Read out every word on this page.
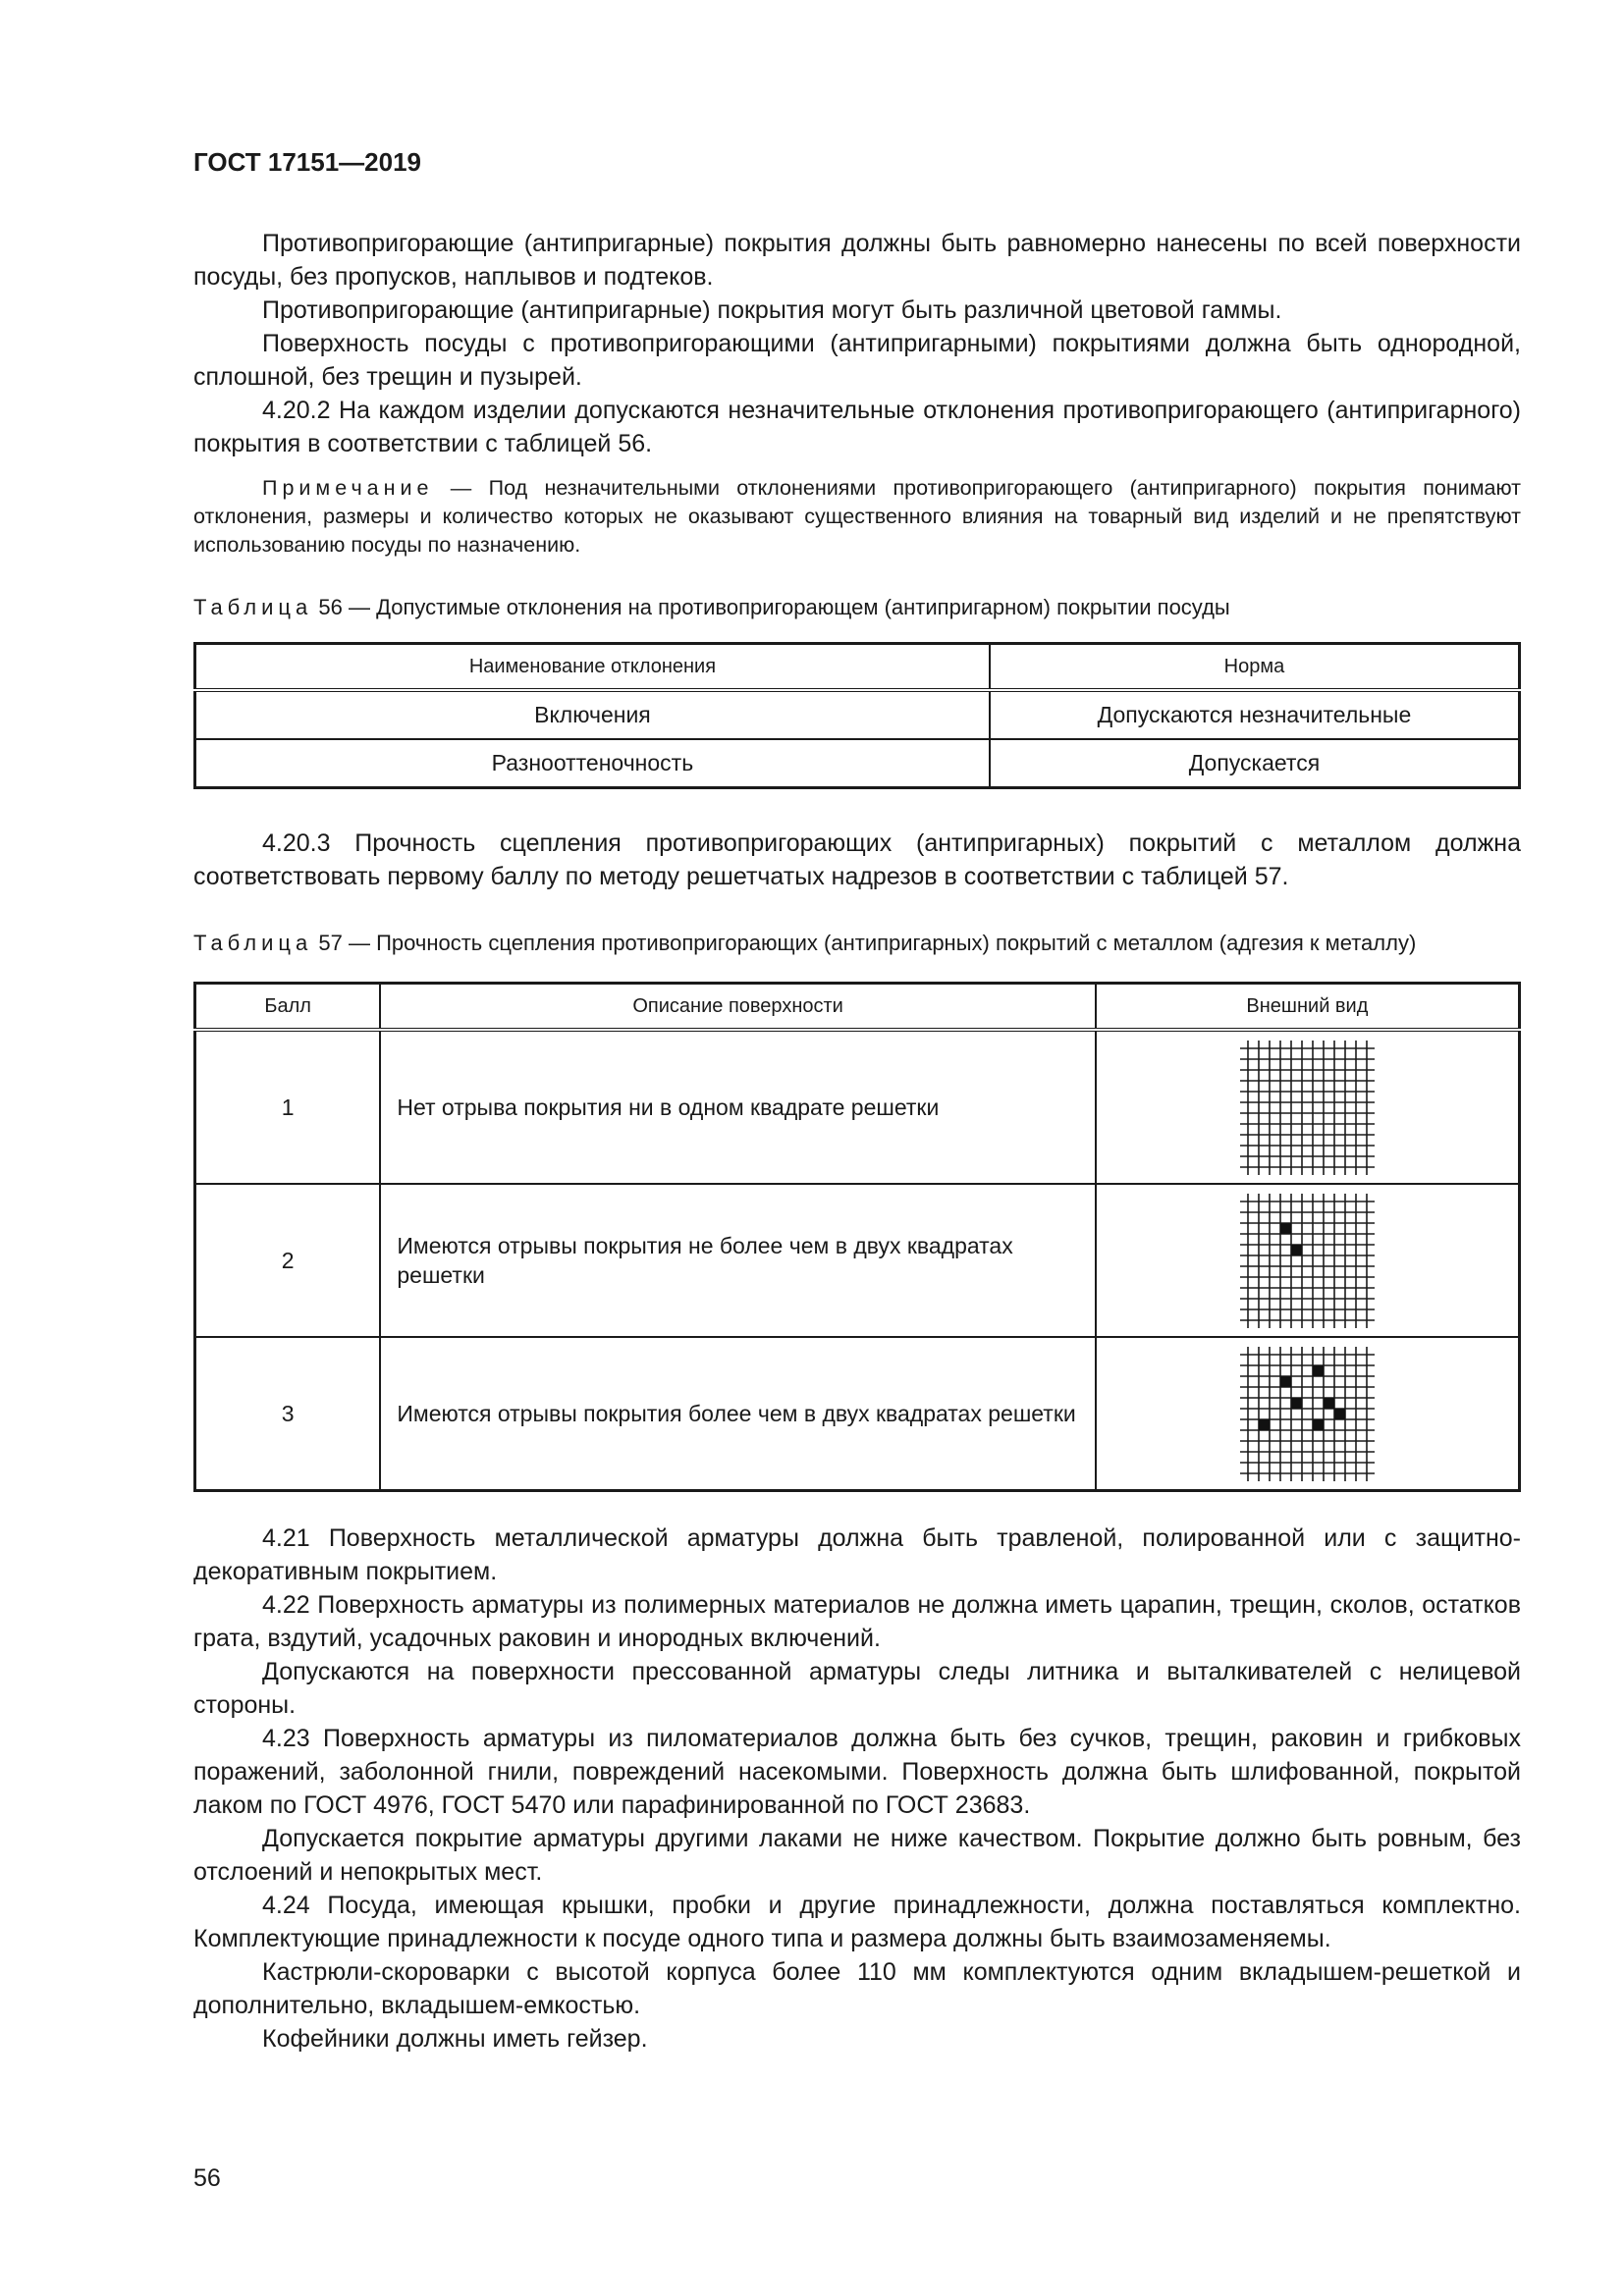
ГОСТ 17151—2019

Противопригорающие (антипригарные) покрытия должны быть равномерно нанесены по всей поверхности посуды, без пропусков, наплывов и подтеков.

Противопригорающие (антипригарные) покрытия могут быть различной цветовой гаммы.

Поверхность посуды с противопригорающими (антипригарными) покрытиями должна быть однородной, сплошной, без трещин и пузырей.

4.20.2 На каждом изделии допускаются незначительные отклонения противопригорающего (антипригарного) покрытия в соответствии с таблицей 56.

Примечание — Под незначительными отклонениями противопригорающего (антипригарного) покрытия понимают отклонения, размеры и количество которых не оказывают существенного влияния на товарный вид изделий и не препятствуют использованию посуды по назначению.

Таблица 56 — Допустимые отклонения на противопригорающем (антипригарном) покрытии посуды

Наименование отклонения	Норма
Включения	Допускаются незначительные
Разнооттеночность	Допускается

4.20.3 Прочность сцепления противопригорающих (антипригарных) покрытий с металлом должна соответствовать первому баллу по методу решетчатых надрезов в соответствии с таблицей 57.

Таблица 57 — Прочность сцепления противопригорающих (антипригарных) покрытий с металлом (адгезия к металлу)

Балл	Описание поверхности	Внешний вид
1	Нет отрыва покрытия ни в одном квадрате решетки	
2	Имеются отрывы покрытия не более чем в двух квадратах решетки	
3	Имеются отрывы покрытия более чем в двух квадратах решетки	

4.21 Поверхность металлической арматуры должна быть травленой, полированной или с защитно-декоративным покрытием.

4.22 Поверхность арматуры из полимерных материалов не должна иметь царапин, трещин, сколов, остатков грата, вздутий, усадочных раковин и инородных включений.

Допускаются на поверхности прессованной арматуры следы литника и выталкивателей с нелицевой стороны.

4.23 Поверхность арматуры из пиломатериалов должна быть без сучков, трещин, раковин и грибковых поражений, заболонной гнили, повреждений насекомыми. Поверхность должна быть шлифованной, покрытой лаком по ГОСТ 4976, ГОСТ 5470 или парафинированной по ГОСТ 23683.

Допускается покрытие арматуры другими лаками не ниже качеством. Покрытие должно быть ровным, без отслоений и непокрытых мест.

4.24 Посуда, имеющая крышки, пробки и другие принадлежности, должна поставляться комплектно. Комплектующие принадлежности к посуде одного типа и размера должны быть взаимозаменяемы.

Кастрюли-скороварки с высотой корпуса более 110 мм комплектуются одним вкладышем-решеткой и дополнительно, вкладышем-емкостью.

Кофейники должны иметь гейзер.

56
